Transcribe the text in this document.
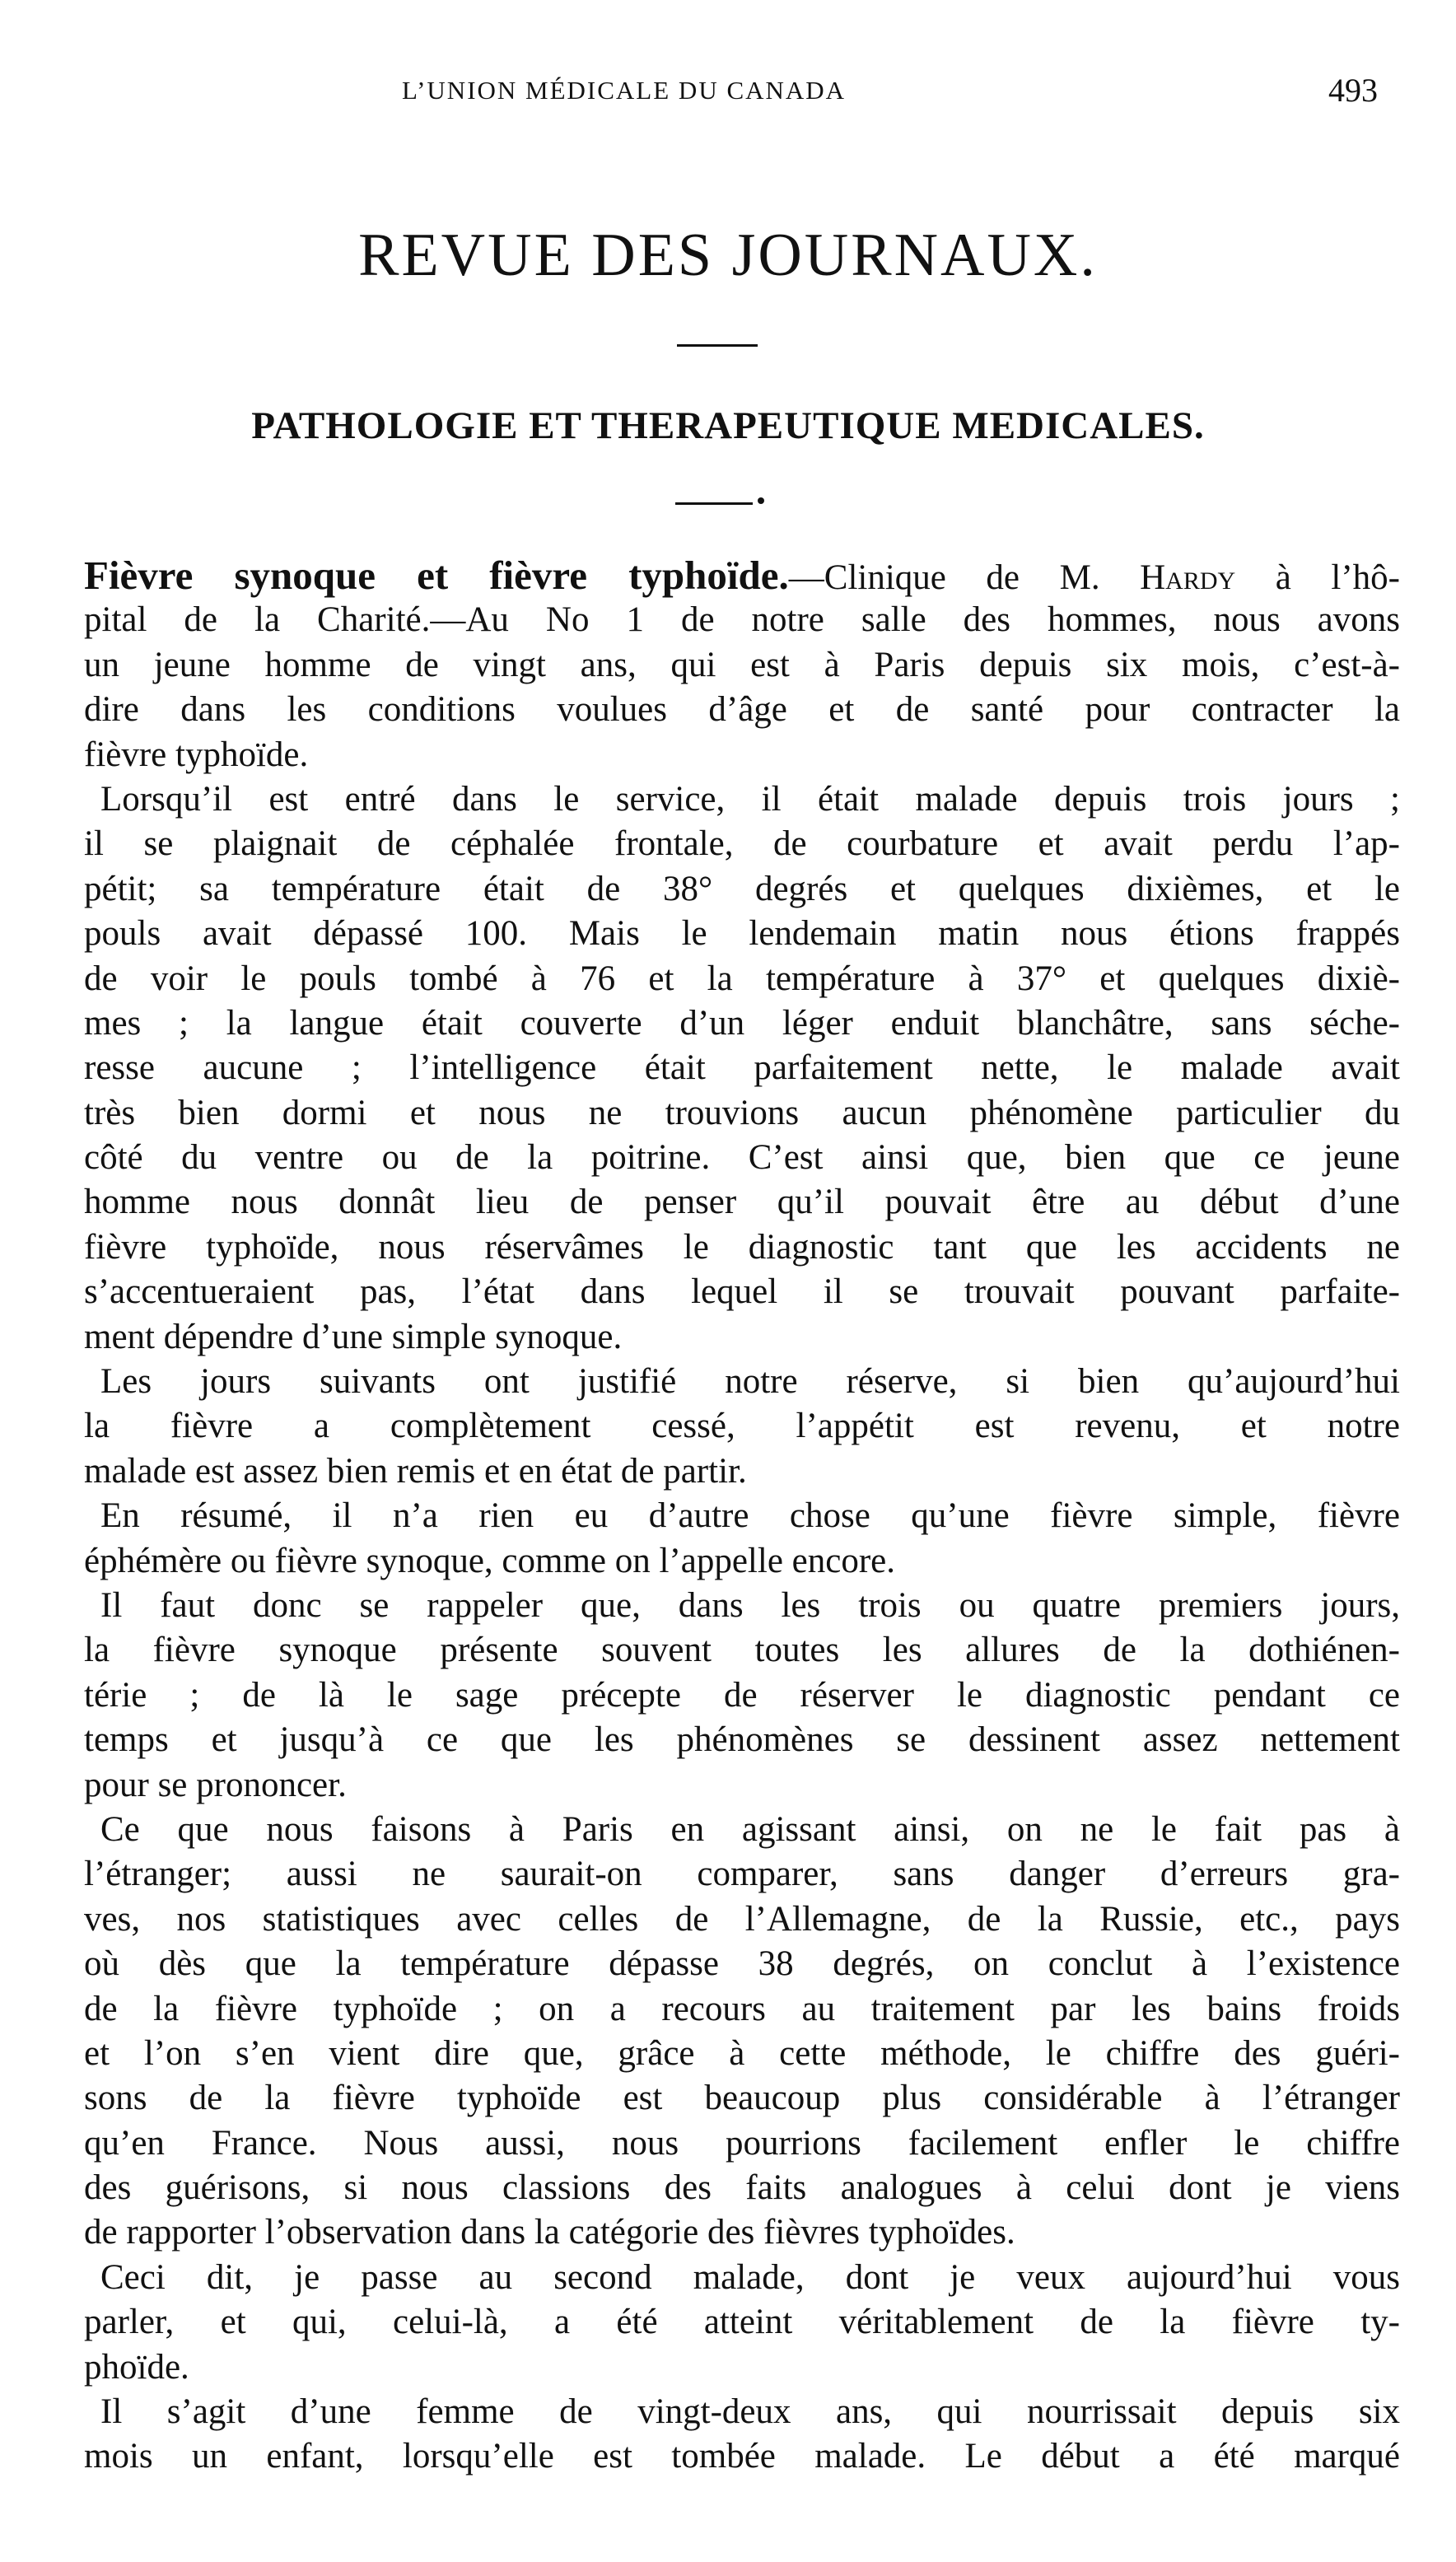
L’UNION MÉDICALE DU CANADA	493
REVUE DES JOURNAUX.
PATHOLOGIE ET THERAPEUTIQUE MEDICALES.
Fièvre synoque et fièvre typhoïde.—Clinique de M. Hardy à l’hô-
pital de la Charité.—Au No 1 de notre salle des hommes, nous avons
un jeune homme de vingt ans, qui est à Paris depuis six mois, c’est-à-
dire dans les conditions voulues d’âge et de santé pour contracter la
fièvre typhoïde.
Lorsqu’il est entré dans le service, il était malade depuis trois jours ;
il se plaignait de céphalée frontale, de courbature et avait perdu l’ap-
pétit; sa température était de 38° degrés et quelques dixièmes, et le
pouls avait dépassé 100. Mais le lendemain matin nous étions frappés
de voir le pouls tombé à 76 et la température à 37° et quelques dixiè-
mes ; la langue était couverte d’un léger enduit blanchâtre, sans séche-
resse aucune ; l’intelligence était parfaitement nette, le malade avait
très bien dormi et nous ne trouvions aucun phénomène particulier du
côté du ventre ou de la poitrine. C’est ainsi que, bien que ce jeune
homme nous donnât lieu de penser qu’il pouvait être au début d’une
fièvre typhoïde, nous réservâmes le diagnostic tant que les accidents ne
s’accentueraient pas, l’état dans lequel il se trouvait pouvant parfaite-
ment dépendre d’une simple synoque.
Les jours suivants ont justifié notre réserve, si bien qu’aujourd’hui
la fièvre a complètement cessé, l’appétit est revenu, et notre
malade est assez bien remis et en état de partir.
En résumé, il n’a rien eu d’autre chose qu’une fièvre simple, fièvre
éphémère ou fièvre synoque, comme on l’appelle encore.
Il faut donc se rappeler que, dans les trois ou quatre premiers jours,
la fièvre synoque présente souvent toutes les allures de la dothiénen-
térie ; de là le sage précepte de réserver le diagnostic pendant ce
temps et jusqu’à ce que les phénomènes se dessinent assez nettement
pour se prononcer.
Ce que nous faisons à Paris en agissant ainsi, on ne le fait pas à
l’étranger; aussi ne saurait-on comparer, sans danger d’erreurs gra-
ves, nos statistiques avec celles de l’Allemagne, de la Russie, etc., pays
où dès que la température dépasse 38 degrés, on conclut à l’existence
de la fièvre typhoïde ; on a recours au traitement par les bains froids
et l’on s’en vient dire que, grâce à cette méthode, le chiffre des guéri-
sons de la fièvre typhoïde est beaucoup plus considérable à l’étranger
qu’en France. Nous aussi, nous pourrions facilement enfler le chiffre
des guérisons, si nous classions des faits analogues à celui dont je viens
de rapporter l’observation dans la catégorie des fièvres typhoïdes.
Ceci dit, je passe au second malade, dont je veux aujourd’hui vous
parler, et qui, celui-là, a été atteint véritablement de la fièvre ty-
phoïde.
Il s’agit d’une femme de vingt-deux ans, qui nourrissait depuis six
mois un enfant, lorsqu’elle est tombée malade. Le début a été marqué
